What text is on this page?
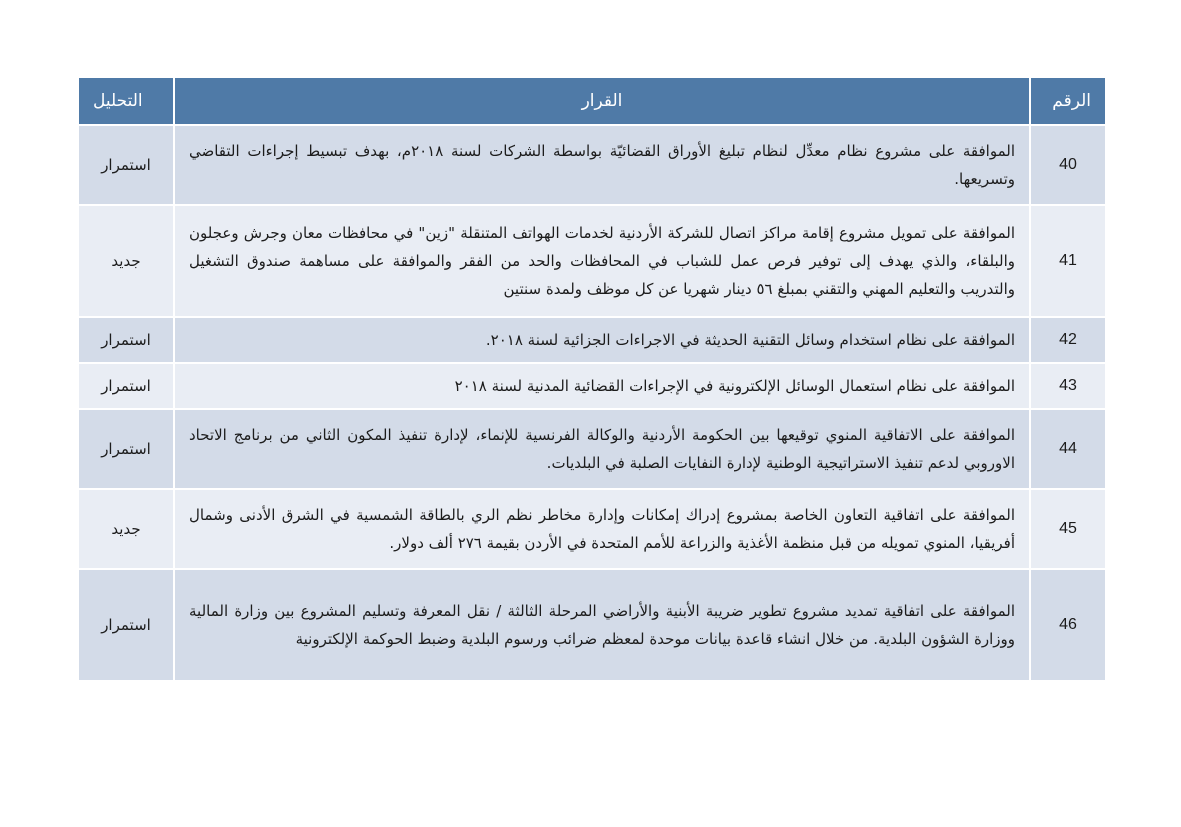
الرقم	القرار	التحليل
40	الموافقة على مشروع نظام معدِّل لنظام تبليغ الأوراق القضائيّة بواسطة الشركات لسنة ٢٠١٨م، بهدف تبسيط إجراءات التقاضي وتسريعها.	استمرار
41	الموافقة على تمويل مشروع إقامة مراكز اتصال للشركة الأردنية لخدمات الهواتف المتنقلة "زين" في محافظات معان وجرش وعجلون والبلقاء، والذي يهدف إلى توفير فرص عمل للشباب في المحافظات والحد من الفقر والموافقة على مساهمة صندوق التشغيل والتدريب والتعليم المهني والتقني بمبلغ ٥٦ دينار شهريا عن كل موظف ولمدة سنتين	جديد
42	الموافقة على نظام استخدام وسائل التقنية الحديثة في الاجراءات الجزائية لسنة ٢٠١٨.	استمرار
43	الموافقة على نظام استعمال الوسائل الإلكترونية في الإجراءات القضائية المدنية لسنة ٢٠١٨	استمرار
44	الموافقة على الاتفاقية المنوي توقيعها بين الحكومة الأردنية والوكالة الفرنسية للإنماء، لإدارة تنفيذ المكون الثاني من برنامج الاتحاد الاوروبي لدعم تنفيذ الاستراتيجية الوطنية لإدارة النفايات الصلبة في البلديات.	استمرار
45	الموافقة على اتفاقية التعاون الخاصة بمشروع إدراك إمكانات وإدارة مخاطر نظم الري بالطاقة الشمسية في الشرق الأدنى وشمال أفريقيا، المنوي تمويله من قبل منظمة الأغذية والزراعة للأمم المتحدة في الأردن بقيمة ٢٧٦ ألف دولار.	جديد
46	الموافقة على اتفاقية تمديد مشروع تطوير ضريبة الأبنية والأراضي المرحلة الثالثة / نقل المعرفة وتسليم المشروع بين وزارة المالية ووزارة الشؤون البلدية. من خلال انشاء قاعدة بيانات موحدة لمعظم ضرائب ورسوم البلدية وضبط الحوكمة الإلكترونية	استمرار
